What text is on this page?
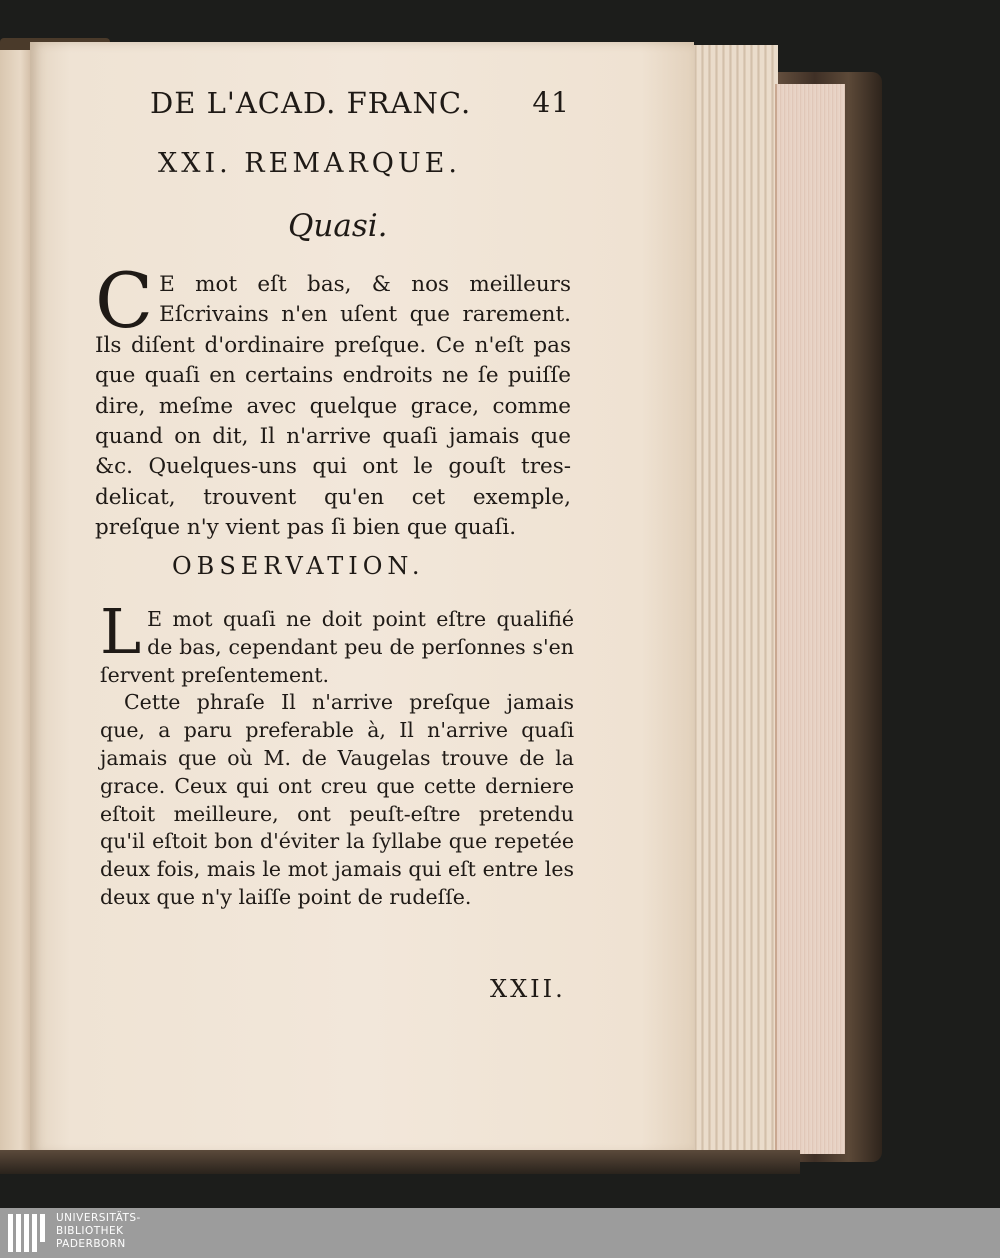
DE L'ACAD. FRANC. 41
XXI. REMARQUE.
Quasi.

C E mot eſt bas, & nos meilleurs Eſcrivains n'en uſent que rarement. Ils diſent d'ordinaire preſque. Ce n'eſt pas que quaſi en certains endroits ne ſe puiſſe dire, meſme avec quelque grace, comme quand on dit, Il n'arrive quaſi jamais que &c. Quelques-uns qui ont le gouſt tres-delicat, trouvent qu'en cet exemple, preſque n'y vient pas ſi bien que quaſi.

OBSERVATION.

L E mot quaſi ne doit point eſtre qualifié de bas, cependant peu de perſonnes s'en ſervent preſentement.

Cette phraſe Il n'arrive preſque jamais que, a paru preferable à, Il n'arrive quaſi jamais que où M. de Vaugelas trouve de la grace. Ceux qui ont creu que cette derniere eſtoit meilleure, ont peuſt-eſtre pretendu qu'il eſtoit bon d'éviter la ſyllabe que repetée deux fois, mais le mot jamais qui eſt entre les deux que n'y laiſſe point de rudeſſe.

XXII.
UNIVERSITÄTS-
BIBLIOTHEK
PADERBORN
